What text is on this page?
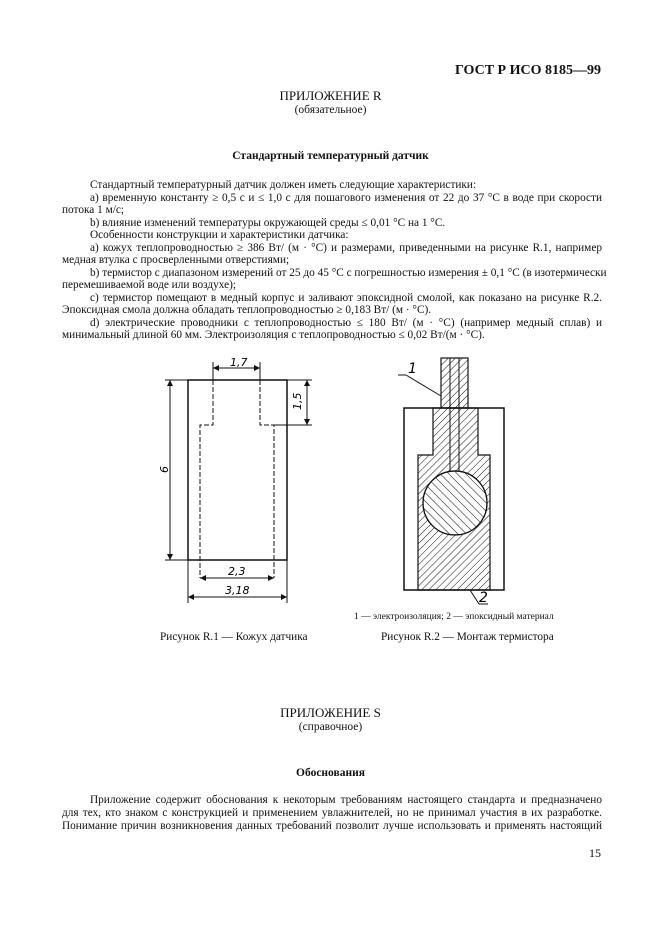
ГОСТ Р ИСО 8185—99
ПРИЛОЖЕНИЕ R
(обязательное)
Стандартный температурный датчик
Стандартный температурный датчик должен иметь следующие характеристики:
а) временную константу ≥ 0,5 с и ≤ 1,0 с для пошагового изменения от 22 до 37 °С в воде при скорости
потока 1 м/с;
b) влияние изменений температуры окружающей среды ≤ 0,01 °С на 1 °С.
Особенности конструкции и характеристики датчика:
а) кожух теплопроводностью ≥ 386 Вт/ (м · °С) и размерами, приведенными на рисунке R.1, например
медная втулка с просверленными отверстиями;
b) термистор с диапазоном измерений от 25 до 45 °С с погрешностью измерения ± 0,1 °С (в изотермически
перемешиваемой воде или воздухе);
с) термистор помещают в медный корпус и заливают эпоксидной смолой, как показано на рисунке R.2.
Эпоксидная смола должна обладать теплопроводностью ≥ 0,183 Вт/ (м · °С).
d) электрические проводники с теплопроводностью ≤ 180 Вт/ (м · °С) (например медный сплав) и
минимальный длиной 60 мм. Электроизоляция с теплопроводностью ≤ 0,02 Вт/(м · °С).
1,7
1,5
6
2,3
3,18
1
2
1 — электроизоляция; 2 — эпоксидный материал
Рисунок R.1 — Кожух датчика	Рисунок R.2 — Монтаж термистора
ПРИЛОЖЕНИЕ S
(справочное)
Обоснования
Приложение содержит обоснования к некоторым требованиям настоящего стандарта и предназначено
для тех, кто знаком с конструкцией и применением увлажнителей, но не принимал участия в их разработке.
Понимание причин возникновения данных требований позволит лучше использовать и применять настоящий
15
